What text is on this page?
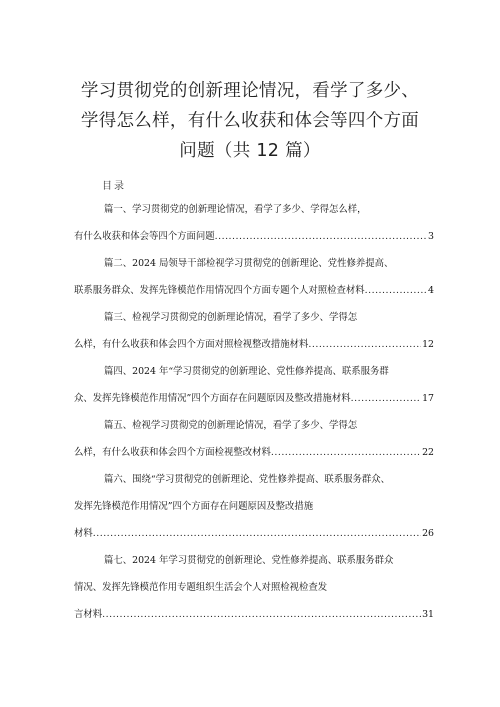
学习贯彻党的创新理论情况，看学了多少、
学得怎么样，有什么收获和体会等四个方面
问题（共 12 篇）
目录
篇一、学习贯彻党的创新理论情况，看学了多少、学得怎么样，
有什么收获和体会等四个方面问题 .....	3
篇二、2024 局领导干部检视学习贯彻党的创新理论、党性修养提高、
联系服务群众、发挥先锋模范作用情况四个方面专题个人对照检查材料 .....	4
篇三、检视学习贯彻党的创新理论情况，看学了多少、学得怎
么样，有什么收获和体会四个方面对照检视整改措施材料 .....	12
篇四、2024 年“学习贯彻党的创新理论、党性修养提高、联系服务群
众、发挥先锋模范作用情况”四个方面存在问题原因及整改措施材料 .....	17
篇五、检视学习贯彻党的创新理论情况，看学了多少、学得怎
么样，有什么收获和体会四个方面检视整改材料 .....	22
篇六、围绕“学习贯彻党的创新理论、党性修养提高、联系服务群众、
发挥先锋模范作用情况”四个方面存在问题原因及整改措施
材料 .....	26
篇七、2024 年学习贯彻党的创新理论、党性修养提高、联系服务群众
情况、发挥先锋模范作用专题组织生活会个人对照检视检查发
言材料 .....	31
